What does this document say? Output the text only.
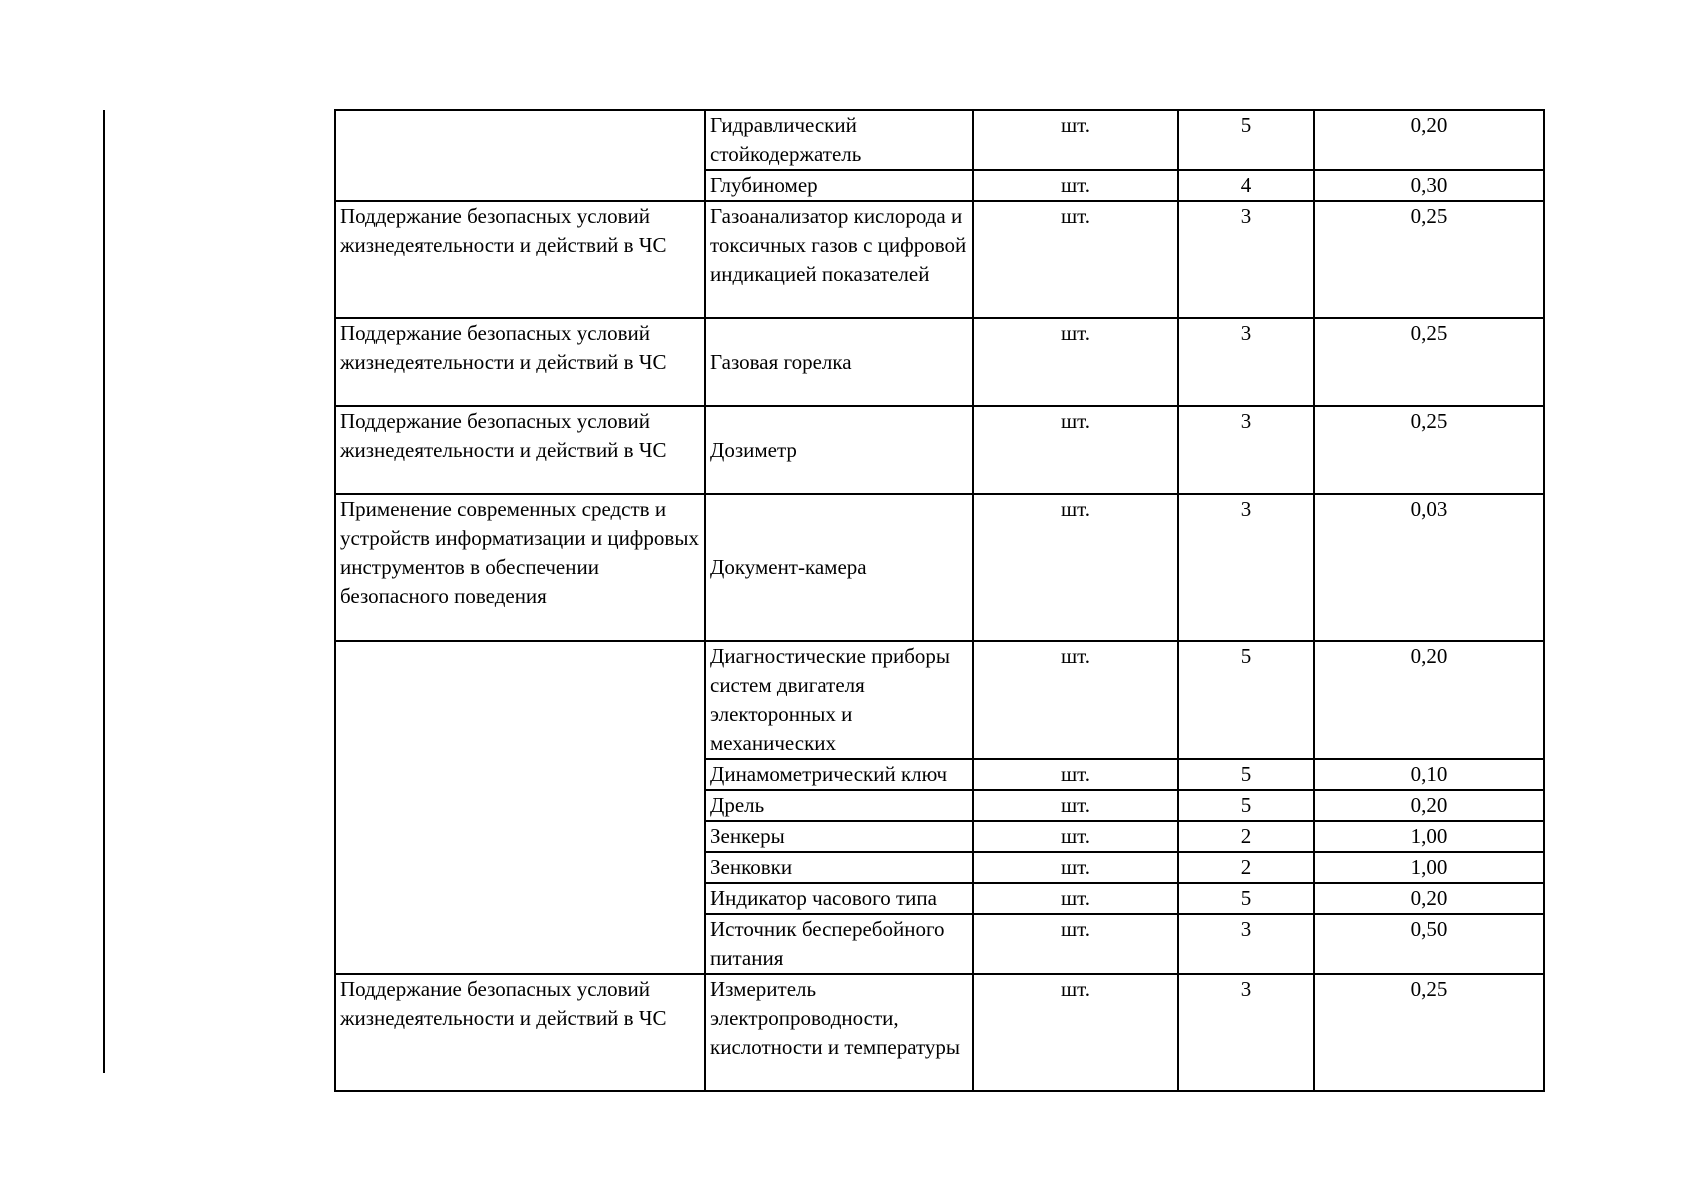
	Гидравлический стойкодержатель	шт.	5	0,20

	Глубиномер	шт.	4	0,30

Поддержание безопасных условий жизнедеятельности и действий в ЧС	Газоанализатор кислорода и токсичных газов с цифровой индикацией показателей	шт.	3	0,25

Поддержание безопасных условий жизнедеятельности и действий в ЧС	Газовая горелка	шт.	3	0,25

Поддержание безопасных условий жизнедеятельности и действий в ЧС	Дозиметр	шт.	3	0,25

Применение современных средств и устройств информатизации и цифровых инструментов в обеспечении безопасного поведения	Документ-камера	шт.	3	0,03

	Диагностические приборы систем двигателя электоронных и механических	шт.	5	0,20

	Динамометрический ключ	шт.	5	0,10

	Дрель	шт.	5	0,20

	Зенкеры	шт.	2	1,00

	Зенковки	шт.	2	1,00

	Индикатор часового типа	шт.	5	0,20

	Источник бесперебойного питания	шт.	3	0,50

Поддержание безопасных условий жизнедеятельности и действий в ЧС	Измеритель электропроводности, кислотности и температуры	шт.	3	0,25
